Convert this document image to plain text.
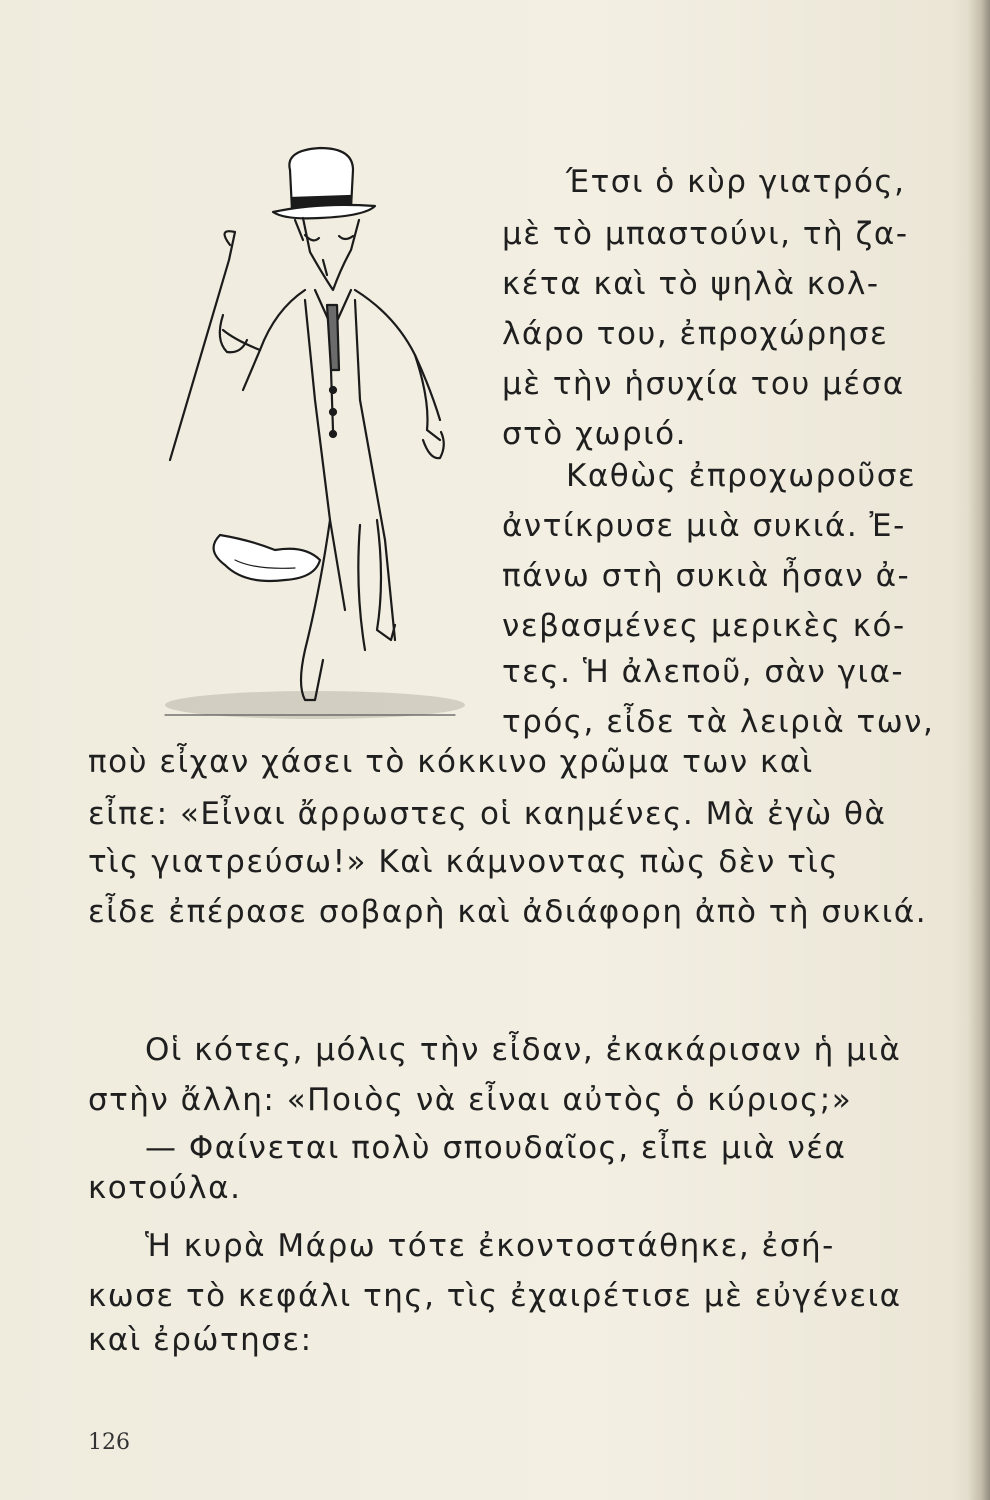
Έτσι ὁ κὺρ γιατρός,

μὲ τὸ μπαστούνι, τὴ ζα-

κέτα καὶ τὸ ψηλὰ κολ-

λάρο του, ἐπροχώρησε

μὲ τὴν ἡσυχία του μέσα

στὸ χωριό.

Καθὼς ἐπροχωροῦσε

ἀντίκρυσε μιὰ συκιά. Ἐ-

πάνω στὴ συκιὰ ἦσαν ἀ-

νεβασμένες μερικὲς κό-

τες. Ἡ ἀλεποῦ, σὰν για-

τρός, εἶδε τὰ λειριὰ των,

ποὺ εἶχαν χάσει τὸ κόκκινο χρῶμα των καὶ

εἶπε: «Εἶναι ἄρρωστες οἱ καημένες. Μὰ ἐγὼ θὰ

τὶς γιατρεύσω!» Καὶ κάμνοντας πὼς δὲν τὶς

εἶδε ἐπέρασε σοβαρὴ καὶ ἀδιάφορη ἀπὸ τὴ συκιά.

Οἱ κότες, μόλις τὴν εἶδαν, ἐκακάρισαν ἡ μιὰ

στὴν ἄλλη: «Ποιὸς νὰ εἶναι αὐτὸς ὁ κύριος;»

— Φαίνεται πολὺ σπουδαῖος, εἶπε μιὰ νέα

κοτούλα.

Ἡ κυρὰ Μάρω τότε ἐκοντοστάθηκε, ἐσή-

κωσε τὸ κεφάλι της, τὶς ἐχαιρέτισε μὲ εὐγένεια

καὶ ἐρώτησε:

126
